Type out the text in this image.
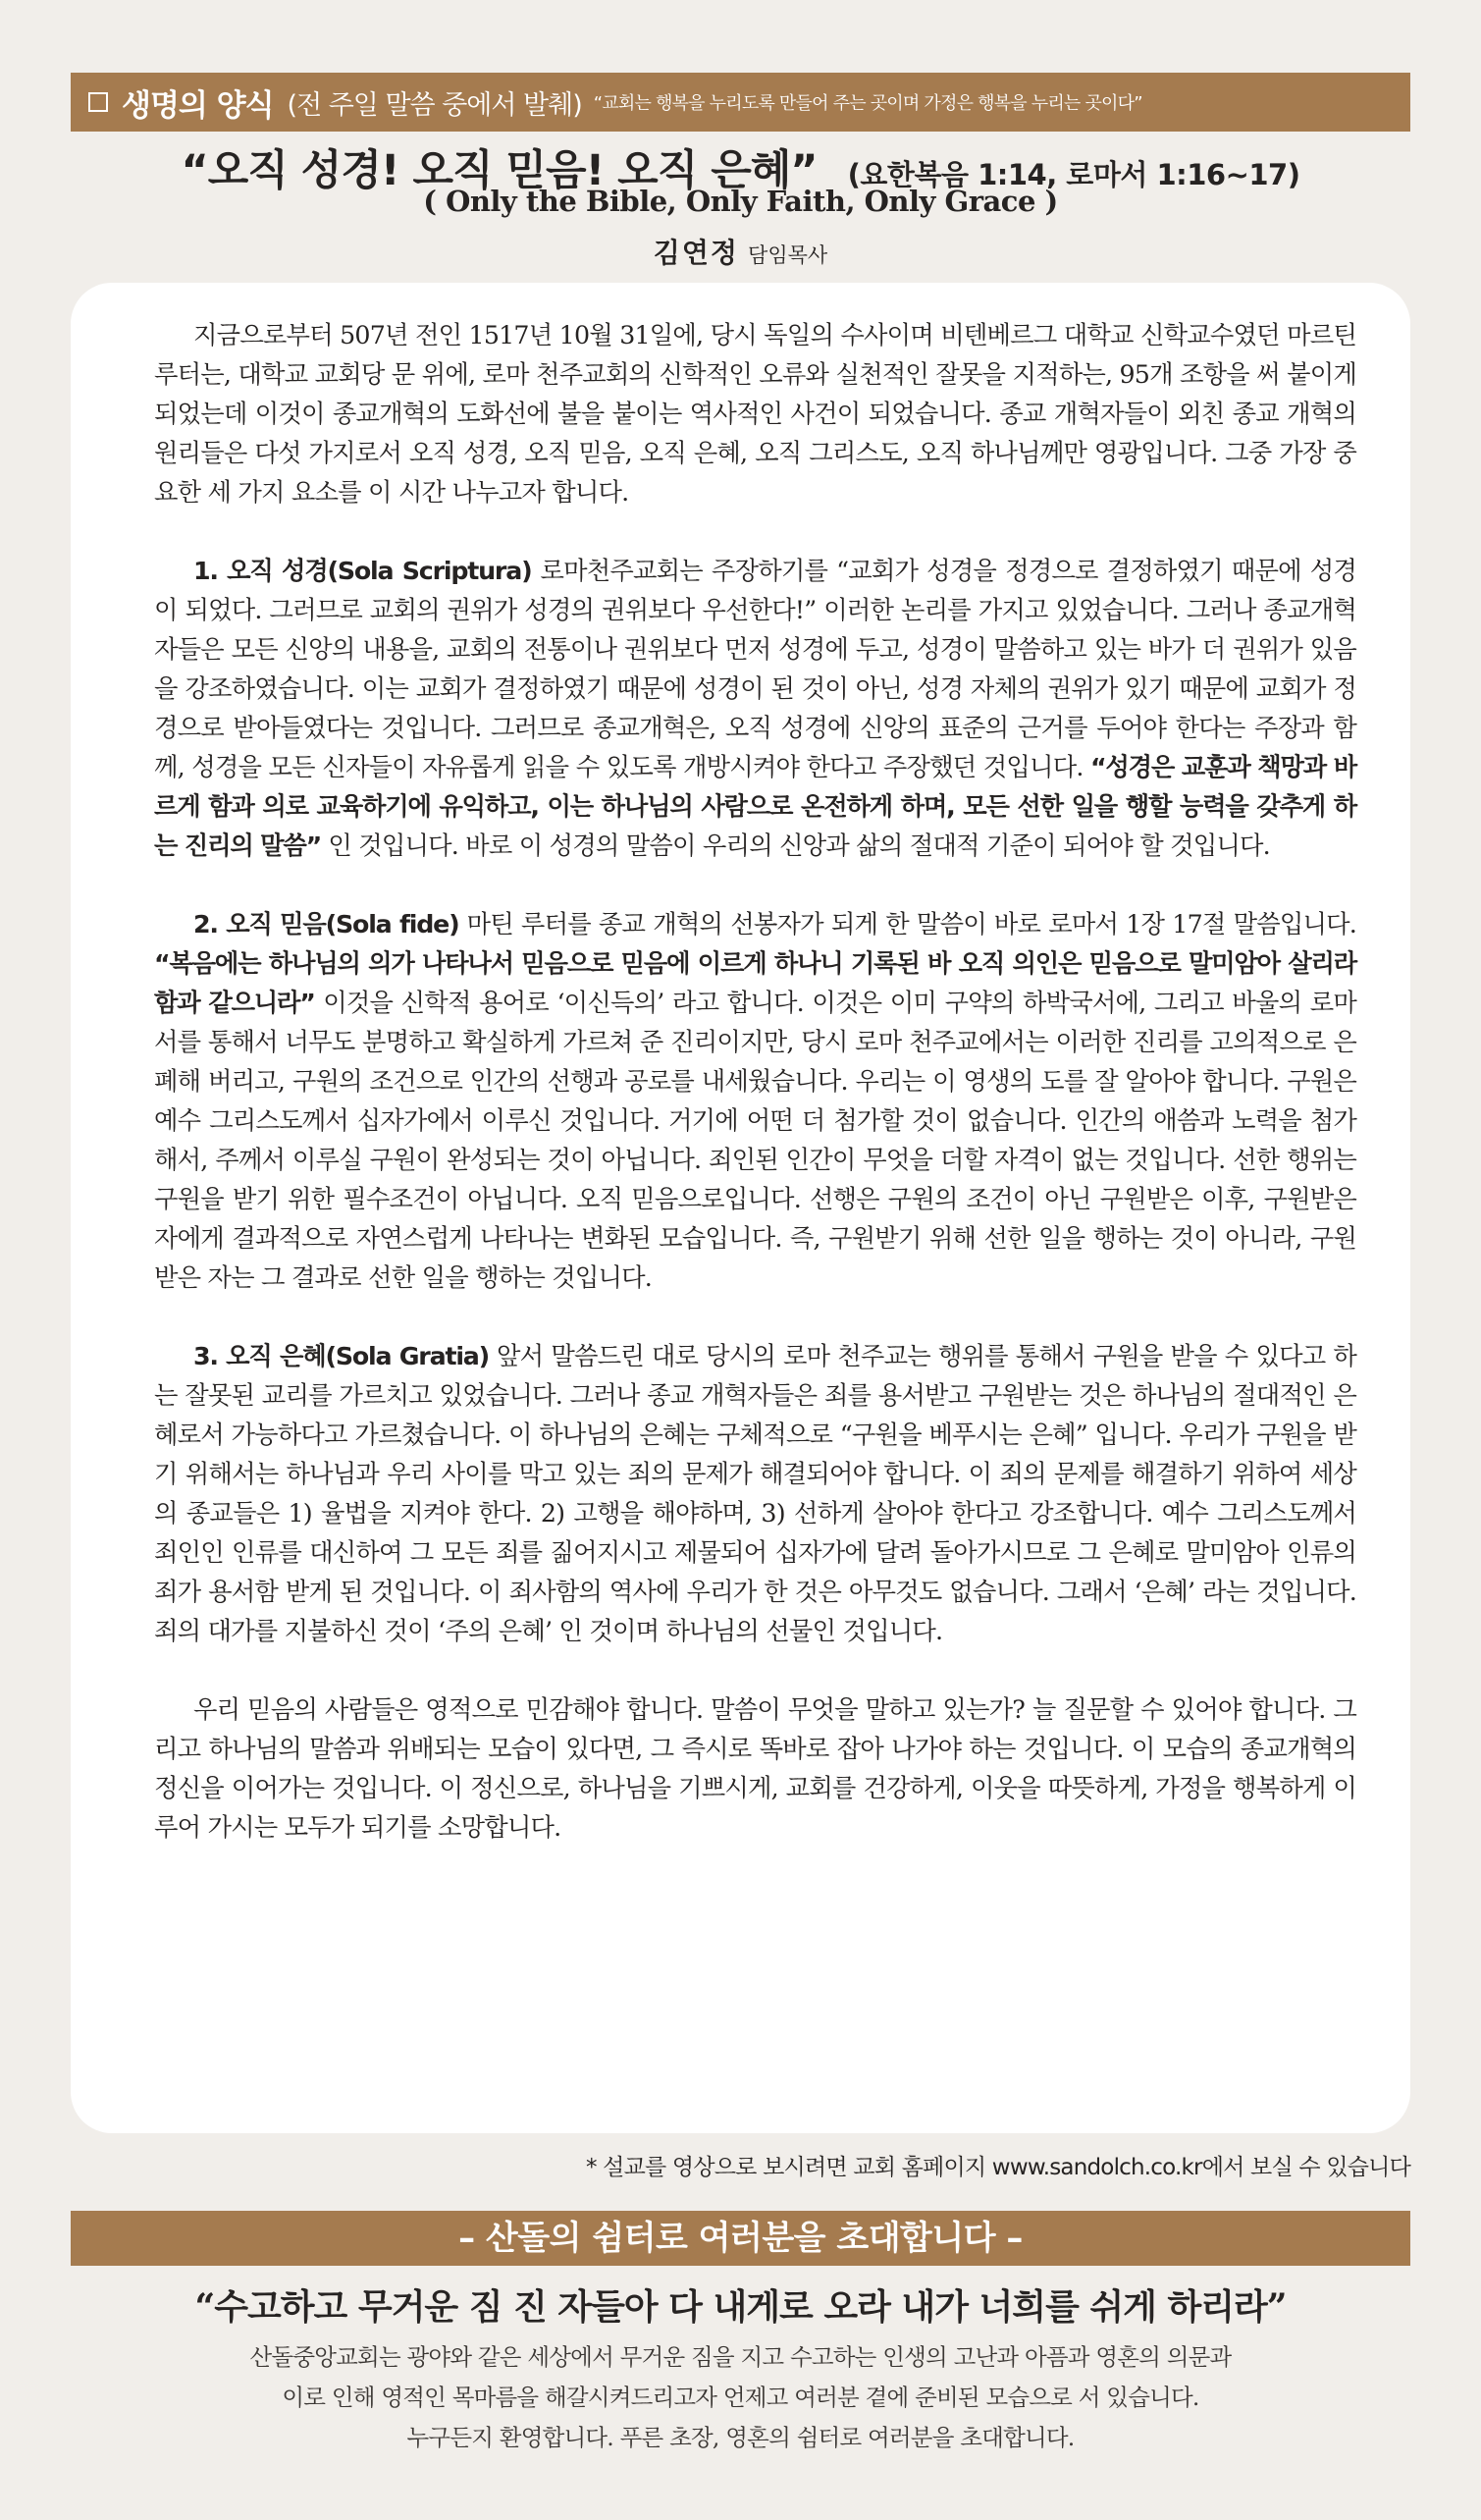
생명의 양식 (전 주일 말씀 중에서 발췌) “교회는 행복을 누리도록 만들어 주는 곳이며 가정은 행복을 누리는 곳이다”
“오직 성경! 오직 믿음! 오직 은혜” (요한복음 1:14, 로마서 1:16∼17)
( Only the Bible, Only Faith, Only Grace )
김연정 담임목사

지금으로부터 507년 전인 1517년 10월 31일에, 당시 독일의 수사이며 비텐베르그 대학교 신학교수였던 마르틴 루터는, 대학교 교회당 문 위에, 로마 천주교회의 신학적인 오류와 실천적인 잘못을 지적하는, 95개 조항을 써 붙이게 되었는데 이것이 종교개혁의 도화선에 불을 붙이는 역사적인 사건이 되었습니다. 종교 개혁자들이 외친 종교 개혁의 원리들은 다섯 가지로서 오직 성경, 오직 믿음, 오직 은혜, 오직 그리스도, 오직 하나님께만 영광입니다. 그중 가장 중요한 세 가지 요소를 이 시간 나누고자 합니다.

1. 오직 성경(Sola Scriptura) 로마천주교회는 주장하기를 “교회가 성경을 정경으로 결정하였기 때문에 성경이 되었다. 그러므로 교회의 권위가 성경의 권위보다 우선한다!” 이러한 논리를 가지고 있었습니다. 그러나 종교개혁자들은 모든 신앙의 내용을, 교회의 전통이나 권위보다 먼저 성경에 두고, 성경이 말씀하고 있는 바가 더 권위가 있음을 강조하였습니다. 이는 교회가 결정하였기 때문에 성경이 된 것이 아닌, 성경 자체의 권위가 있기 때문에 교회가 정경으로 받아들였다는 것입니다. 그러므로 종교개혁은, 오직 성경에 신앙의 표준의 근거를 두어야 한다는 주장과 함께, 성경을 모든 신자들이 자유롭게 읽을 수 있도록 개방시켜야 한다고 주장했던 것입니다. “성경은 교훈과 책망과 바르게 함과 의로 교육하기에 유익하고, 이는 하나님의 사람으로 온전하게 하며, 모든 선한 일을 행할 능력을 갖추게 하는 진리의 말씀” 인 것입니다. 바로 이 성경의 말씀이 우리의 신앙과 삶의 절대적 기준이 되어야 할 것입니다.

2. 오직 믿음(Sola fide) 마틴 루터를 종교 개혁의 선봉자가 되게 한 말씀이 바로 로마서 1장 17절 말씀입니다. “복음에는 하나님의 의가 나타나서 믿음으로 믿음에 이르게 하나니 기록된 바 오직 의인은 믿음으로 말미암아 살리라 함과 같으니라” 이것을 신학적 용어로 ‘이신득의’ 라고 합니다. 이것은 이미 구약의 하박국서에, 그리고 바울의 로마서를 통해서 너무도 분명하고 확실하게 가르쳐 준 진리이지만, 당시 로마 천주교에서는 이러한 진리를 고의적으로 은폐해 버리고, 구원의 조건으로 인간의 선행과 공로를 내세웠습니다. 우리는 이 영생의 도를 잘 알아야 합니다. 구원은 예수 그리스도께서 십자가에서 이루신 것입니다. 거기에 어떤 더 첨가할 것이 없습니다. 인간의 애씀과 노력을 첨가해서, 주께서 이루실 구원이 완성되는 것이 아닙니다. 죄인된 인간이 무엇을 더할 자격이 없는 것입니다. 선한 행위는 구원을 받기 위한 필수조건이 아닙니다. 오직 믿음으로입니다. 선행은 구원의 조건이 아닌 구원받은 이후, 구원받은 자에게 결과적으로 자연스럽게 나타나는 변화된 모습입니다. 즉, 구원받기 위해 선한 일을 행하는 것이 아니라, 구원받은 자는 그 결과로 선한 일을 행하는 것입니다.

3. 오직 은혜(Sola Gratia) 앞서 말씀드린 대로 당시의 로마 천주교는 행위를 통해서 구원을 받을 수 있다고 하는 잘못된 교리를 가르치고 있었습니다. 그러나 종교 개혁자들은 죄를 용서받고 구원받는 것은 하나님의 절대적인 은혜로서 가능하다고 가르쳤습니다. 이 하나님의 은혜는 구체적으로 “구원을 베푸시는 은혜” 입니다. 우리가 구원을 받기 위해서는 하나님과 우리 사이를 막고 있는 죄의 문제가 해결되어야 합니다. 이 죄의 문제를 해결하기 위하여 세상의 종교들은 1) 율법을 지켜야 한다. 2) 고행을 해야하며, 3) 선하게 살아야 한다고 강조합니다. 예수 그리스도께서 죄인인 인류를 대신하여 그 모든 죄를 짊어지시고 제물되어 십자가에 달려 돌아가시므로 그 은혜로 말미암아 인류의 죄가 용서함 받게 된 것입니다. 이 죄사함의 역사에 우리가 한 것은 아무것도 없습니다. 그래서 ‘은혜’ 라는 것입니다. 죄의 대가를 지불하신 것이 ‘주의 은혜’ 인 것이며 하나님의 선물인 것입니다.

우리 믿음의 사람들은 영적으로 민감해야 합니다. 말씀이 무엇을 말하고 있는가? 늘 질문할 수 있어야 합니다. 그리고 하나님의 말씀과 위배되는 모습이 있다면, 그 즉시로 똑바로 잡아 나가야 하는 것입니다. 이 모습의 종교개혁의 정신을 이어가는 것입니다. 이 정신으로, 하나님을 기쁘시게, 교회를 건강하게, 이웃을 따뜻하게, 가정을 행복하게 이루어 가시는 모두가 되기를 소망합니다.

* 설교를 영상으로 보시려면 교회 홈페이지 www.sandolch.co.kr에서 보실 수 있습니다
– 산돌의 쉼터로 여러분을 초대합니다 –
“수고하고 무거운 짐 진 자들아 다 내게로 오라 내가 너희를 쉬게 하리라”
산돌중앙교회는 광야와 같은 세상에서 무거운 짐을 지고 수고하는 인생의 고난과 아픔과 영혼의 의문과
이로 인해 영적인 목마름을 해갈시켜드리고자 언제고 여러분 곁에 준비된 모습으로 서 있습니다.
누구든지 환영합니다. 푸른 초장, 영혼의 쉼터로 여러분을 초대합니다.
